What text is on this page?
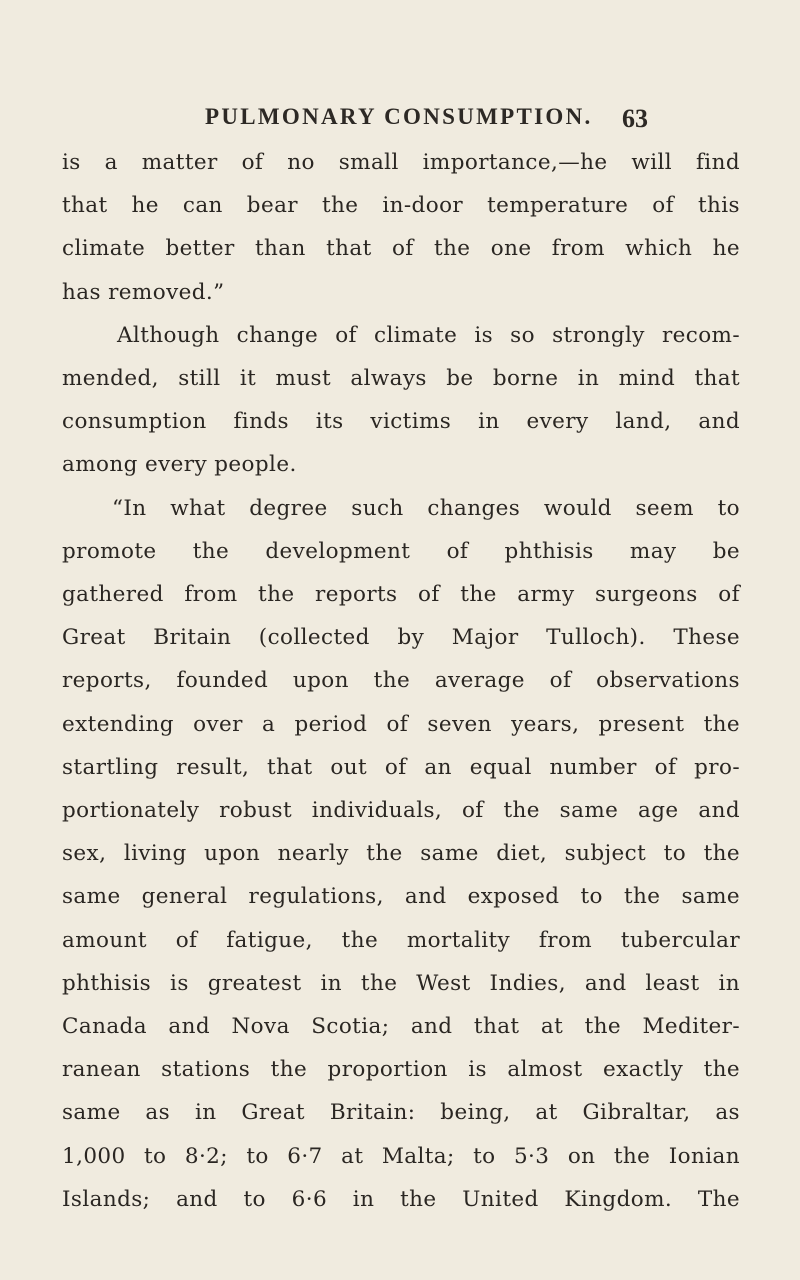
PULMONARY CONSUMPTION. 63
is a matter of no small importance,—he will find
that he can bear the in-door temperature of this
climate better than that of the one from which he
has removed.”
Although change of climate is so strongly recom-
mended, still it must always be borne in mind that
consumption finds its victims in every land, and
among every people.
“In what degree such changes would seem to
promote the development of phthisis may be
gathered from the reports of the army surgeons of
Great Britain (collected by Major Tulloch). These
reports, founded upon the average of observations
extending over a period of seven years, present the
startling result, that out of an equal number of pro-
portionately robust individuals, of the same age and
sex, living upon nearly the same diet, subject to the
same general regulations, and exposed to the same
amount of fatigue, the mortality from tubercular
phthisis is greatest in the West Indies, and least in
Canada and Nova Scotia; and that at the Mediter-
ranean stations the proportion is almost exactly the
same as in Great Britain: being, at Gibraltar, as
1,000 to 8·2; to 6·7 at Malta; to 5·3 on the Ionian
Islands; and to 6·6 in the United Kingdom. The
